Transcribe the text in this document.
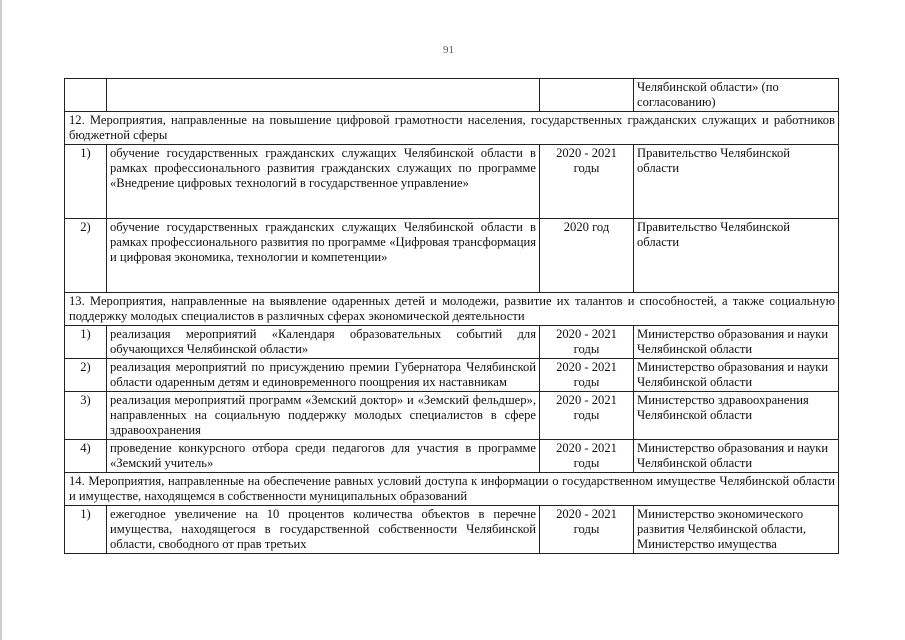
91
			Челябинской области» (по согласованию)
12. Мероприятия, направленные на повышение цифровой грамотности населения, государственных гражданских служащих и работников бюджетной сферы			
1)	обучение государственных гражданских служащих Челябинской области в рамках профессионального развития гражданских служащих по программе «Внедрение цифровых технологий в государственное управление»	2020 - 2021 годы	Правительство Челябинской области
2)	обучение государственных гражданских служащих Челябинской области в рамках профессионального развития по программе «Цифровая трансформация и цифровая экономика, технологии и компетенции»	2020 год	Правительство Челябинской области
13. Мероприятия, направленные на выявление одаренных детей и молодежи, развитие их талантов и способностей, а также социальную поддержку молодых специалистов в различных сферах экономической деятельности			
1)	реализация мероприятий «Календаря образовательных событий для обучающихся Челябинской области»	2020 - 2021 годы	Министерство образования и науки Челябинской области
2)	реализация мероприятий по присуждению премии Губернатора Челябинской области одаренным детям и единовременного поощрения их наставникам	2020 - 2021 годы	Министерство образования и науки Челябинской области
3)	реализация мероприятий программ «Земский доктор» и «Земский фельдшер», направленных на социальную поддержку молодых специалистов в сфере здравоохранения	2020 - 2021 годы	Министерство здравоохранения Челябинской области
4)	проведение конкурсного отбора среди педагогов для участия в программе «Земский учитель»	2020 - 2021 годы	Министерство образования и науки Челябинской области
14. Мероприятия, направленные на обеспечение равных условий доступа к информации о государственном имуществе Челябинской области и имуществе, находящемся в собственности муниципальных образований			
1)	ежегодное увеличение на 10 процентов количества объектов в перечне имущества, находящегося в государственной собственности Челябинской области, свободного от прав третьих	2020 - 2021 годы	Министерство экономического развития Челябинской области, Министерство имущества
